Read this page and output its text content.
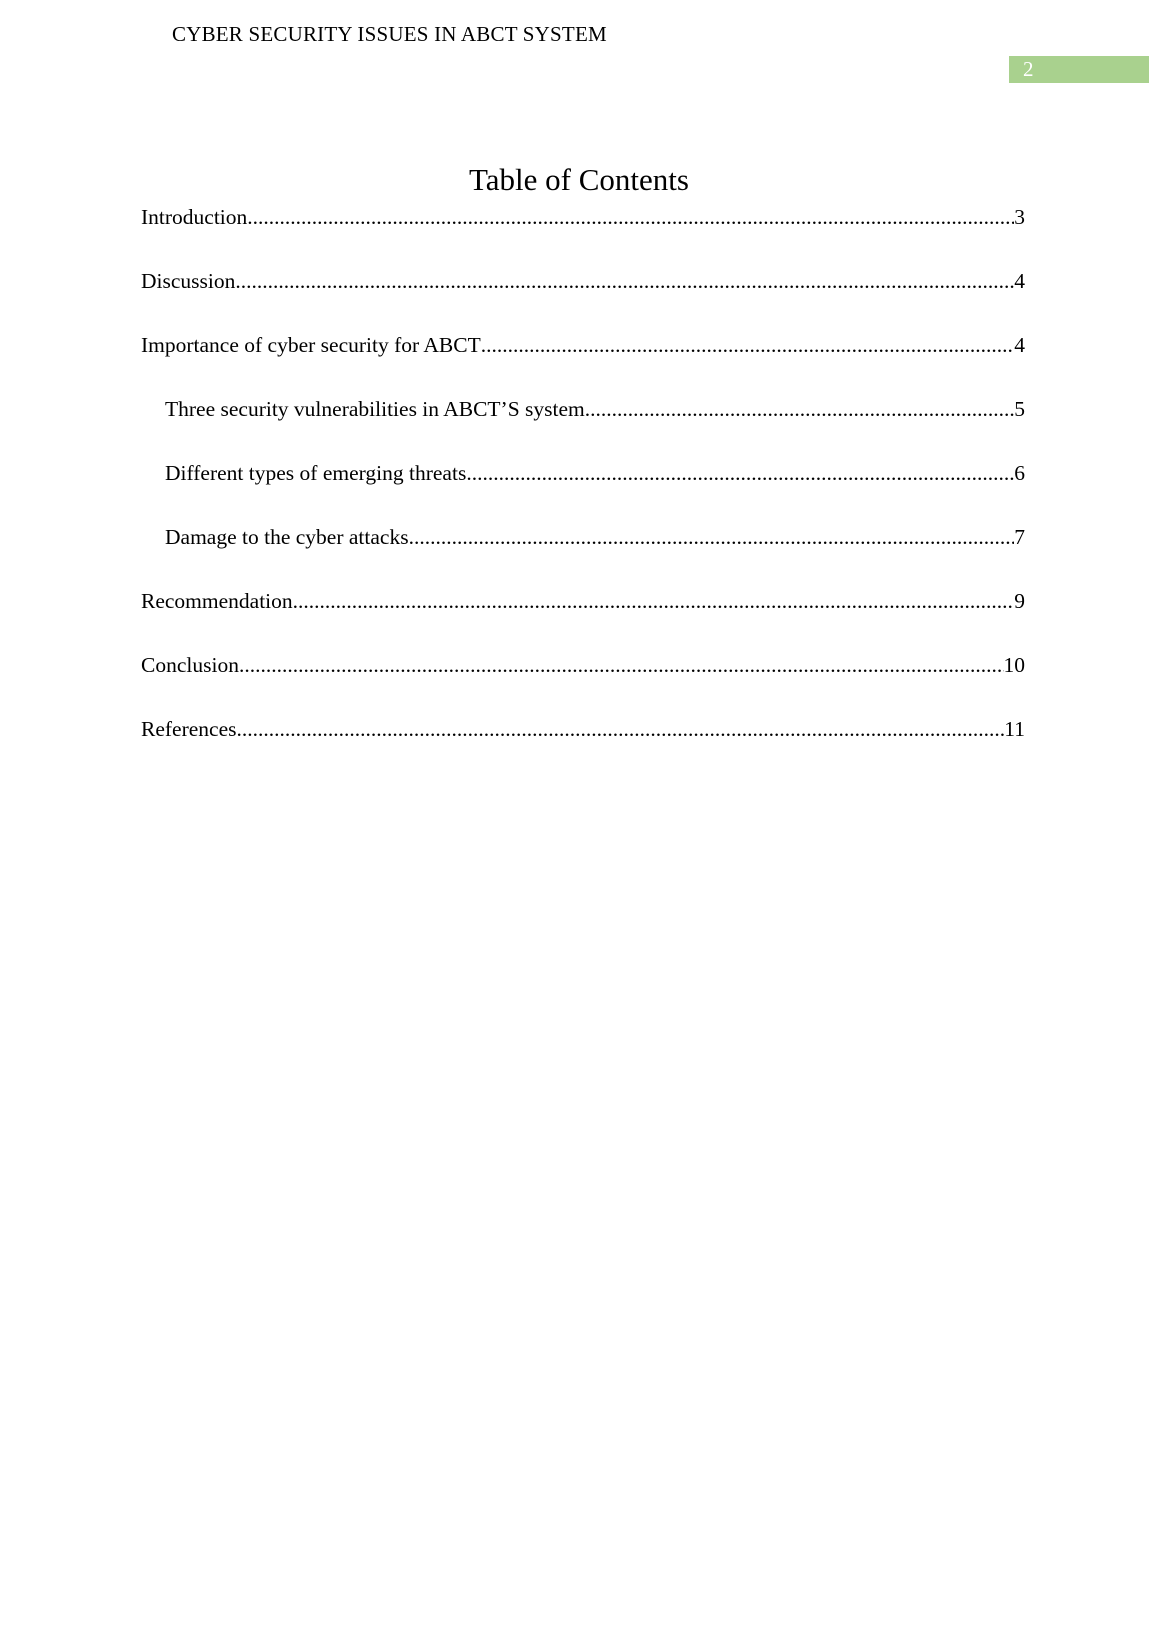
CYBER SECURITY ISSUES IN ABCT SYSTEM
2
Table of Contents
Introduction .....	3
Discussion .....	4
Importance of cyber security for ABCT .....	4
Three security vulnerabilities in ABCT’S system .....	5
Different types of emerging threats .....	6
Damage to the cyber attacks .....	7
Recommendation .....	9
Conclusion .....	10
References .....	11
